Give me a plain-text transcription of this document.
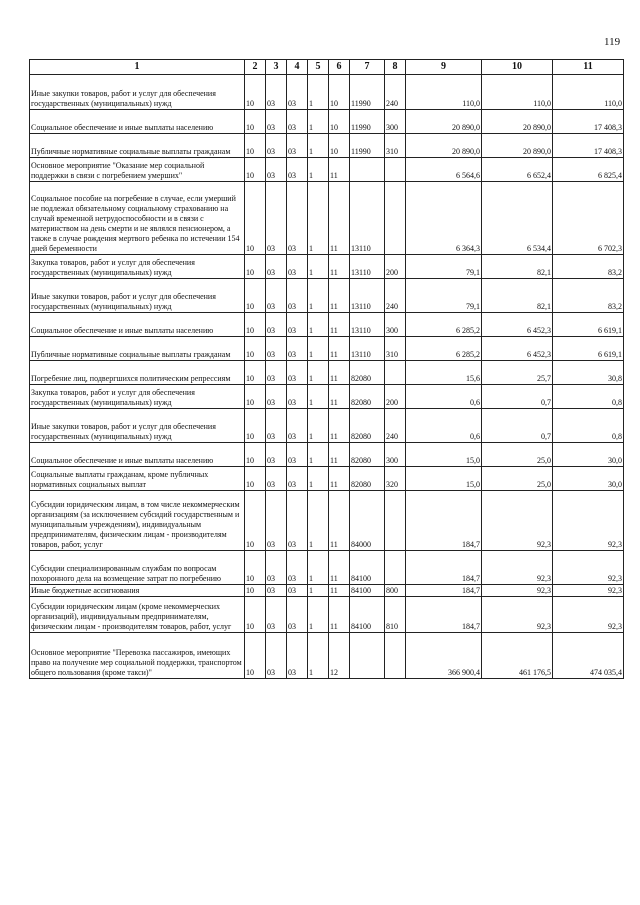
119
1	2	3	4	5	6	7	8	9	10	11
Иные закупки товаров, работ и услуг для обеспечения государственных (муниципальных) нужд	10	03	03	1	10	11990	240	110,0	110,0	110,0
Социальное обеспечение и иные выплаты населению	10	03	03	1	10	11990	300	20 890,0	20 890,0	17 408,3
Публичные нормативные социальные выплаты гражданам	10	03	03	1	10	11990	310	20 890,0	20 890,0	17 408,3
Основное мероприятие "Оказание мер социальной поддержки в связи с погребением умерших"	10	03	03	1	11			6 564,6	6 652,4	6 825,4
Социальное пособие на погребение в случае, если умерший не подлежал обязательному социальному страхованию на случай временной нетрудоспособности и в связи с материнством на день смерти и не являлся пенсионером, а также в случае рождения мертвого ребенка по истечении 154 дней беременности	10	03	03	1	11	13110		6 364,3	6 534,4	6 702,3
Закупка товаров, работ и услуг для обеспечения государственных (муниципальных) нужд	10	03	03	1	11	13110	200	79,1	82,1	83,2
Иные закупки товаров, работ и услуг для обеспечения государственных (муниципальных) нужд	10	03	03	1	11	13110	240	79,1	82,1	83,2
Социальное обеспечение и иные выплаты населению	10	03	03	1	11	13110	300	6 285,2	6 452,3	6 619,1
Публичные нормативные социальные выплаты гражданам	10	03	03	1	11	13110	310	6 285,2	6 452,3	6 619,1
Погребение лиц, подвергшихся политическим репрессиям	10	03	03	1	11	82080		15,6	25,7	30,8
Закупка товаров, работ и услуг для обеспечения государственных (муниципальных) нужд	10	03	03	1	11	82080	200	0,6	0,7	0,8
Иные закупки товаров, работ и услуг для обеспечения государственных (муниципальных) нужд	10	03	03	1	11	82080	240	0,6	0,7	0,8
Социальное обеспечение и иные выплаты населению	10	03	03	1	11	82080	300	15,0	25,0	30,0
Социальные выплаты гражданам, кроме публичных нормативных социальных выплат	10	03	03	1	11	82080	320	15,0	25,0	30,0
Субсидии юридическим лицам, в том числе некоммерческим организациям (за исключением субсидий государственным и муниципальным учреждениям), индивидуальным предпринимателям, физическим лицам - производителям товаров, работ, услуг	10	03	03	1	11	84000		184,7	92,3	92,3
Субсидии специализированным службам по вопросам похоронного дела на возмещение затрат по погребению	10	03	03	1	11	84100		184,7	92,3	92,3
Иные бюджетные ассигнования	10	03	03	1	11	84100	800	184,7	92,3	92,3
Субсидии юридическим лицам (кроме некоммерческих организаций), индивидуальным предпринимателям, физическим лицам - производителям товаров, работ, услуг	10	03	03	1	11	84100	810	184,7	92,3	92,3
Основное мероприятие "Перевозка пассажиров, имеющих право на получение мер социальной поддержки, транспортом общего пользования (кроме такси)"	10	03	03	1	12			366 900,4	461 176,5	474 035,4
